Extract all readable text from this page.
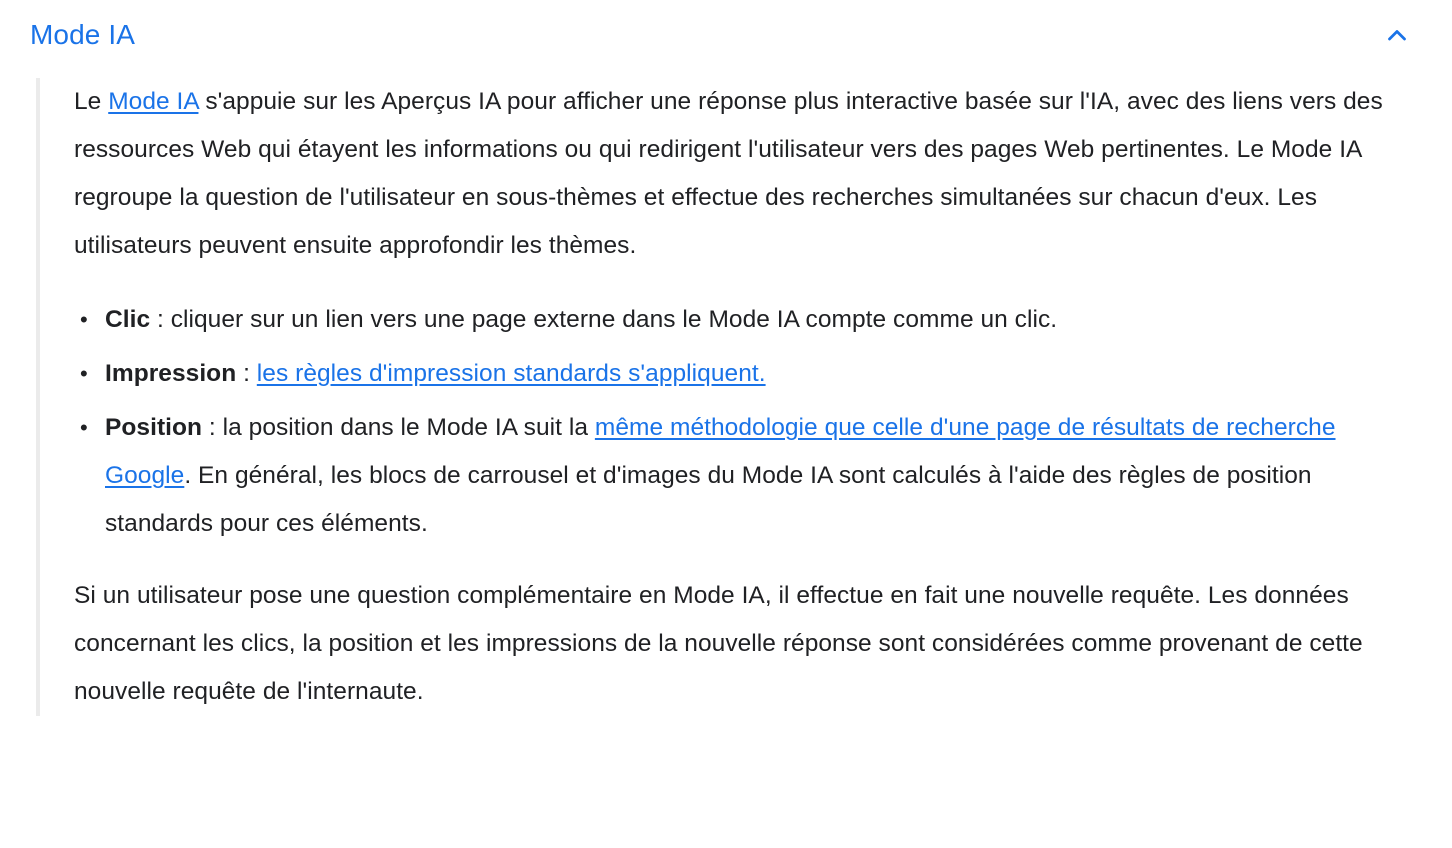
Mode IA

Le Mode IA s'appuie sur les Aperçus IA pour afficher une réponse plus interactive basée sur l'IA, avec des liens vers des ressources Web qui étayent les informations ou qui redirigent l'utilisateur vers des pages Web pertinentes. Le Mode IA regroupe la question de l'utilisateur en sous-thèmes et effectue des recherches simultanées sur chacun d'eux. Les utilisateurs peuvent ensuite approfondir les thèmes.

• Clic : cliquer sur un lien vers une page externe dans le Mode IA compte comme un clic.
• Impression : les règles d'impression standards s'appliquent.
• Position : la position dans le Mode IA suit la même méthodologie que celle d'une page de résultats de recherche Google. En général, les blocs de carrousel et d'images du Mode IA sont calculés à l'aide des règles de position standards pour ces éléments.

Si un utilisateur pose une question complémentaire en Mode IA, il effectue en fait une nouvelle requête. Les données concernant les clics, la position et les impressions de la nouvelle réponse sont considérées comme provenant de cette nouvelle requête de l'internaute.
